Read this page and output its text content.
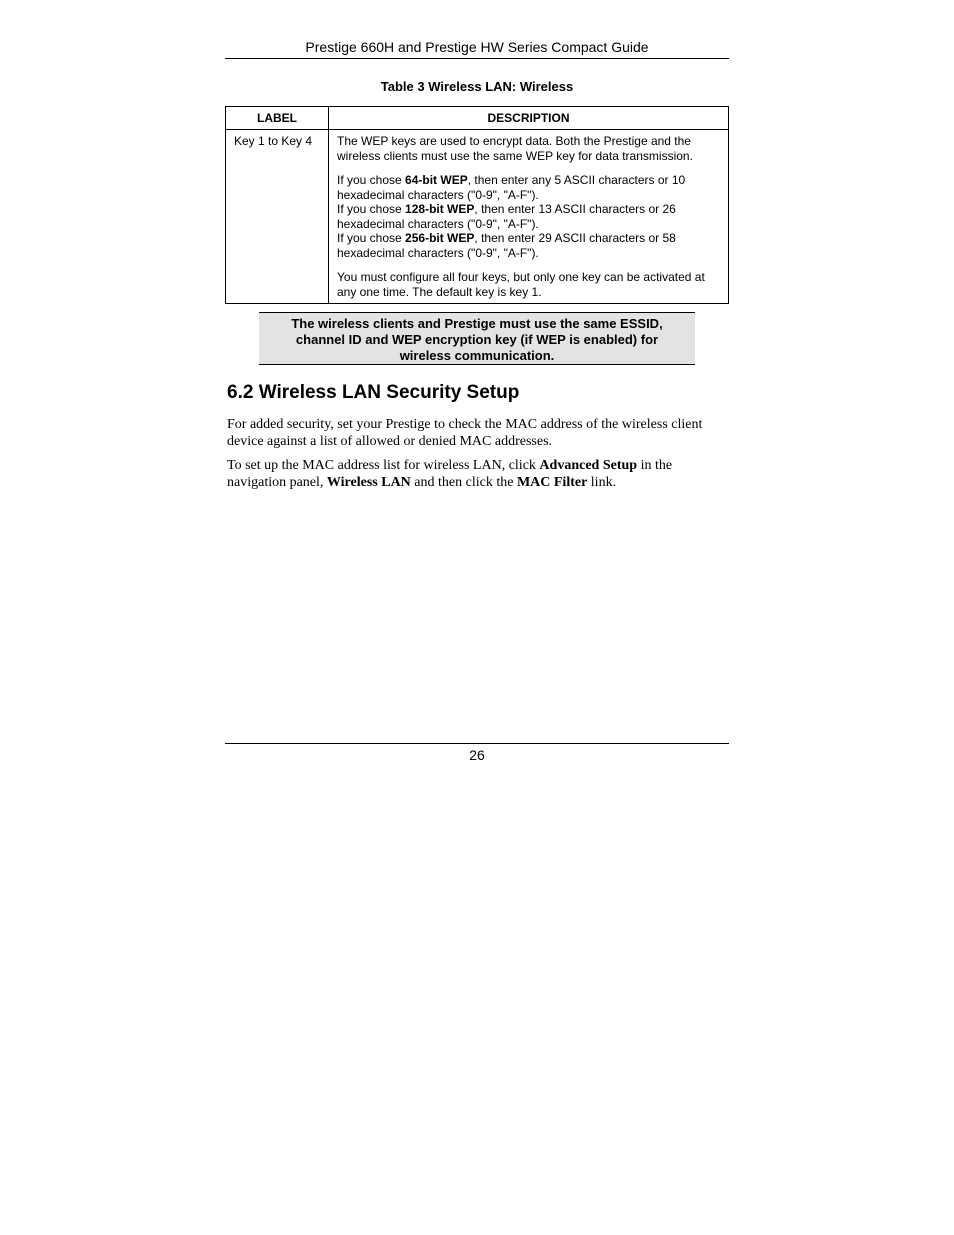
Prestige 660H and Prestige HW Series Compact Guide
Table 3 Wireless LAN: Wireless
LABEL	DESCRIPTION
Key 1 to Key 4	The WEP keys are used to encrypt data. Both the Prestige and the wireless clients must use the same WEP key for data transmission.

If you chose 64-bit WEP, then enter any 5 ASCII characters or 10 hexadecimal characters ("0-9", "A-F").
If you chose 128-bit WEP, then enter 13 ASCII characters or 26 hexadecimal characters ("0-9", "A-F").
If you chose 256-bit WEP, then enter 29 ASCII characters or 58 hexadecimal characters ("0-9", "A-F").

You must configure all four keys, but only one key can be activated at any one time. The default key is key 1.

The wireless clients and Prestige must use the same ESSID,
channel ID and WEP encryption key (if WEP is enabled) for
wireless communication.
6.2 Wireless LAN Security Setup

For added security, set your Prestige to check the MAC address of the wireless client device against a list of allowed or denied MAC addresses.

To set up the MAC address list for wireless LAN, click Advanced Setup in the navigation panel, Wireless LAN and then click the MAC Filter link.

26
